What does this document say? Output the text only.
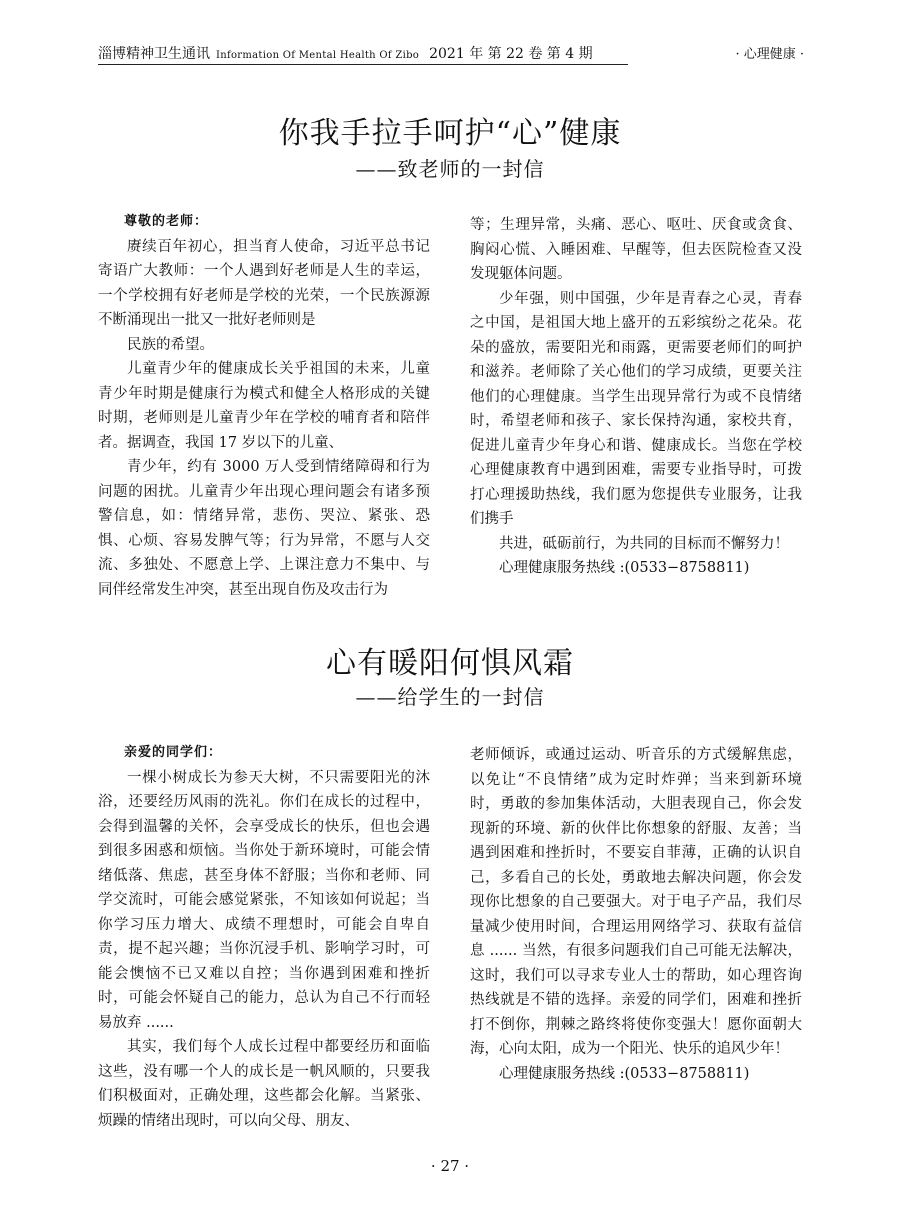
淄博精神卫生通讯 Information Of Mental Health Of Zibo 2021 年 第 22 卷 第 4 期	· 心理健康 ·
你我手拉手呵护“心”健康
——致老师的一封信

尊敬的老师：

赓续百年初心，担当育人使命，习近平总书记寄语广大教师：一个人遇到好老师是人生的幸运，一个学校拥有好老师是学校的光荣，一个民族源源不断涌现出一批又一批好老师则是

民族的希望。

儿童青少年的健康成长关乎祖国的未来，儿童青少年时期是健康行为模式和健全人格形成的关键时期，老师则是儿童青少年在学校的哺育者和陪伴者。据调查，我国 17 岁以下的儿童、

青少年，约有 3000 万人受到情绪障碍和行为问题的困扰。儿童青少年出现心理问题会有诸多预警信息，如：情绪异常，悲伤、哭泣、紧张、恐惧、心烦、容易发脾气等；行为异常，不愿与人交流、多独处、不愿意上学、上课注意力不集中、与同伴经常发生冲突，甚至出现自伤及攻击行为

等；生理异常，头痛、恶心、呕吐、厌食或贪食、胸闷心慌、入睡困难、早醒等，但去医院检查又没发现躯体问题。

少年强，则中国强，少年是青春之心灵，青春之中国，是祖国大地上盛开的五彩缤纷之花朵。花朵的盛放，需要阳光和雨露，更需要老师们的呵护和滋养。老师除了关心他们的学习成绩，更要关注他们的心理健康。当学生出现异常行为或不良情绪时，希望老师和孩子、家长保持沟通，家校共育，促进儿童青少年身心和谐、健康成长。当您在学校心理健康教育中遇到困难，需要专业指导时，可拨打心理援助热线，我们愿为您提供专业服务，让我们携手

共进，砥砺前行，为共同的目标而不懈努力！

心理健康服务热线 :(0533−8758811)

心有暖阳何惧风霜
——给学生的一封信

亲爱的同学们：

一棵小树成长为参天大树，不只需要阳光的沐浴，还要经历风雨的洗礼。你们在成长的过程中，会得到温馨的关怀，会享受成长的快乐，但也会遇到很多困惑和烦恼。当你处于新环境时，可能会情绪低落、焦虑，甚至身体不舒服；当你和老师、同学交流时，可能会感觉紧张，不知该如何说起；当你学习压力增大、成绩不理想时，可能会自卑自责，提不起兴趣；当你沉浸手机、影响学习时，可能会懊恼不已又难以自控；当你遇到困难和挫折时，可能会怀疑自己的能力，总认为自己不行而轻易放弃 ......

其实，我们每个人成长过程中都要经历和面临这些，没有哪一个人的成长是一帆风顺的，只要我们积极面对，正确处理，这些都会化解。当紧张、烦躁的情绪出现时，可以向父母、朋友、

老师倾诉，或通过运动、听音乐的方式缓解焦虑，以免让“不良情绪”成为定时炸弹；当来到新环境时，勇敢的参加集体活动，大胆表现自己，你会发现新的环境、新的伙伴比你想象的舒服、友善；当遇到困难和挫折时，不要妄自菲薄，正确的认识自己，多看自己的长处，勇敢地去解决问题，你会发现你比想象的自己要强大。对于电子产品，我们尽量减少使用时间，合理运用网络学习、获取有益信息 ...... 当然，有很多问题我们自己可能无法解决，这时，我们可以寻求专业人士的帮助，如心理咨询热线就是不错的选择。亲爱的同学们，困难和挫折打不倒你，荆棘之路终将使你变强大！愿你面朝大海，心向太阳，成为一个阳光、快乐的追风少年！

心理健康服务热线 :(0533−8758811)

· 27 ·
